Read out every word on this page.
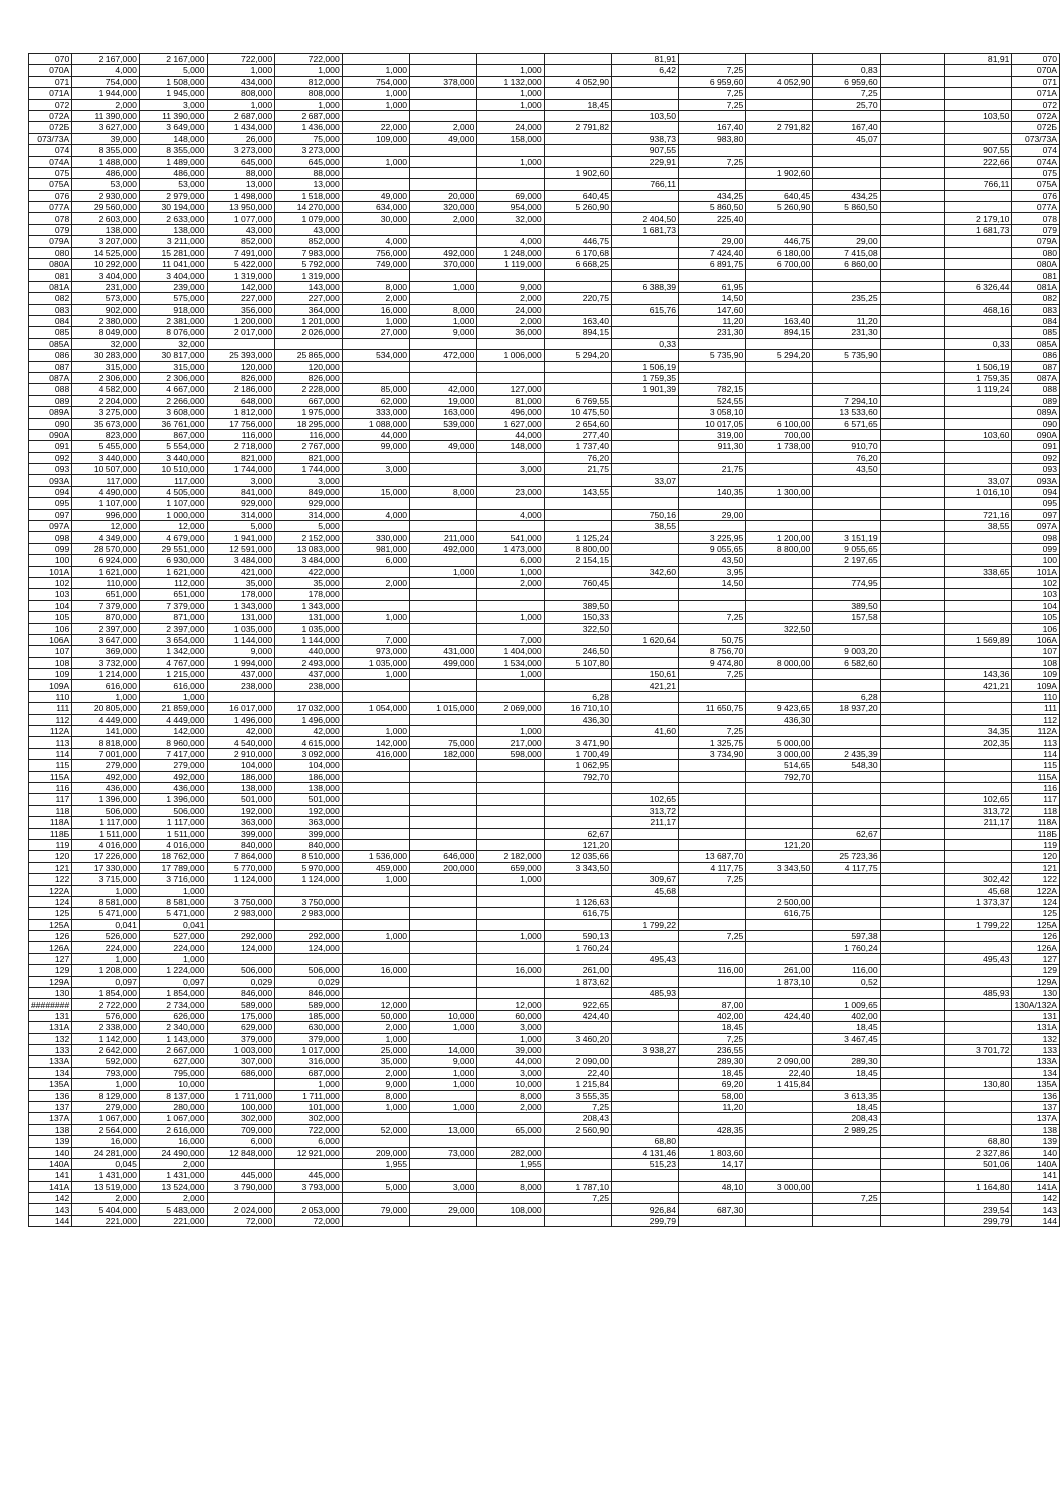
070	2 167,000	2 167,000	722,000	722,000					81,91					81,91	070
070A	4,000	5,000	1,000	1,000	1,000		1,000		6,42	7,25		0,83			070A
071	754,000	1 508,000	434,000	812,000	754,000	378,000	1 132,000	4 052,90		6 959,60	4 052,90	6 959,60			071
071A	1 944,000	1 945,000	808,000	808,000	1,000		1,000			7,25		7,25			071A
072	2,000	3,000	1,000	1,000	1,000		1,000	18,45		7,25		25,70			072
072A	11 390,000	11 390,000	2 687,000	2 687,000					103,50					103,50	072A
072Б	3 627,000	3 649,000	1 434,000	1 436,000	22,000	2,000	24,000	2 791,82		167,40	2 791,82	167,40			072Б
073/73A	39,000	148,000	26,000	75,000	109,000	49,000	158,000		938,73	983,80		45,07			073/73A
074	8 355,000	8 355,000	3 273,000	3 273,000					907,55					907,55	074
074A	1 488,000	1 489,000	645,000	645,000	1,000		1,000		229,91	7,25				222,66	074A
075	486,000	486,000	88,000	88,000				1 902,60			1 902,60				075
075A	53,000	53,000	13,000	13,000					766,11					766,11	075A
076	2 930,000	2 979,000	1 498,000	1 518,000	49,000	20,000	69,000	640,45		434,25	640,45	434,25			076
077A	29 560,000	30 194,000	13 950,000	14 270,000	634,000	320,000	954,000	5 260,90		5 860,50	5 260,90	5 860,50			077A
078	2 603,000	2 633,000	1 077,000	1 079,000	30,000	2,000	32,000		2 404,50	225,40				2 179,10	078
079	138,000	138,000	43,000	43,000					1 681,73					1 681,73	079
079A	3 207,000	3 211,000	852,000	852,000	4,000		4,000	446,75		29,00	446,75	29,00			079A
080	14 525,000	15 281,000	7 491,000	7 983,000	756,000	492,000	1 248,000	6 170,68		7 424,40	6 180,00	7 415,08			080
080A	10 292,000	11 041,000	5 422,000	5 792,000	749,000	370,000	1 119,000	6 668,25		6 891,75	6 700,00	6 860,00			080A
081	3 404,000	3 404,000	1 319,000	1 319,000											081
081A	231,000	239,000	142,000	143,000	8,000	1,000	9,000		6 388,39	61,95				6 326,44	081A
082	573,000	575,000	227,000	227,000	2,000		2,000	220,75		14,50		235,25			082
083	902,000	918,000	356,000	364,000	16,000	8,000	24,000		615,76	147,60				468,16	083
084	2 380,000	2 381,000	1 200,000	1 201,000	1,000	1,000	2,000	163,40		11,20	163,40	11,20			084
085	8 049,000	8 076,000	2 017,000	2 026,000	27,000	9,000	36,000	894,15		231,30	894,15	231,30			085
085A	32,000	32,000							0,33					0,33	085A
086	30 283,000	30 817,000	25 393,000	25 865,000	534,000	472,000	1 006,000	5 294,20		5 735,90	5 294,20	5 735,90			086
087	315,000	315,000	120,000	120,000					1 506,19					1 506,19	087
087A	2 306,000	2 306,000	826,000	826,000					1 759,35					1 759,35	087A
088	4 582,000	4 667,000	2 186,000	2 228,000	85,000	42,000	127,000		1 901,39	782,15				1 119,24	088
089	2 204,000	2 266,000	648,000	667,000	62,000	19,000	81,000	6 769,55		524,55		7 294,10			089
089A	3 275,000	3 608,000	1 812,000	1 975,000	333,000	163,000	496,000	10 475,50		3 058,10		13 533,60			089A
090	35 673,000	36 761,000	17 756,000	18 295,000	1 088,000	539,000	1 627,000	2 654,60		10 017,05	6 100,00	6 571,65			090
090A	823,000	867,000	116,000	116,000	44,000		44,000	277,40		319,00	700,00			103,60	090A
091	5 455,000	5 554,000	2 718,000	2 767,000	99,000	49,000	148,000	1 737,40		911,30	1 738,00	910,70			091
092	3 440,000	3 440,000	821,000	821,000				76,20				76,20			092
093	10 507,000	10 510,000	1 744,000	1 744,000	3,000		3,000	21,75		21,75		43,50			093
093A	117,000	117,000	3,000	3,000					33,07					33,07	093A
094	4 490,000	4 505,000	841,000	849,000	15,000	8,000	23,000	143,55		140,35	1 300,00			1 016,10	094
095	1 107,000	1 107,000	929,000	929,000											095
097	996,000	1 000,000	314,000	314,000	4,000		4,000		750,16	29,00				721,16	097
097A	12,000	12,000	5,000	5,000					38,55					38,55	097A
098	4 349,000	4 679,000	1 941,000	2 152,000	330,000	211,000	541,000	1 125,24		3 225,95	1 200,00	3 151,19			098
099	28 570,000	29 551,000	12 591,000	13 083,000	981,000	492,000	1 473,000	8 800,00		9 055,65	8 800,00	9 055,65			099
100	6 924,000	6 930,000	3 484,000	3 484,000	6,000		6,000	2 154,15		43,50		2 197,65			100
101A	1 621,000	1 621,000	421,000	422,000		1,000	1,000		342,60	3,95				338,65	101A
102	110,000	112,000	35,000	35,000	2,000		2,000	760,45		14,50		774,95			102
103	651,000	651,000	178,000	178,000											103
104	7 379,000	7 379,000	1 343,000	1 343,000				389,50				389,50			104
105	870,000	871,000	131,000	131,000	1,000		1,000	150,33		7,25		157,58			105
106	2 397,000	2 397,000	1 035,000	1 035,000				322,50			322,50				106
106A	3 647,000	3 654,000	1 144,000	1 144,000	7,000		7,000		1 620,64	50,75				1 569,89	106A
107	369,000	1 342,000	9,000	440,000	973,000	431,000	1 404,000	246,50		8 756,70		9 003,20			107
108	3 732,000	4 767,000	1 994,000	2 493,000	1 035,000	499,000	1 534,000	5 107,80		9 474,80	8 000,00	6 582,60			108
109	1 214,000	1 215,000	437,000	437,000	1,000		1,000		150,61	7,25				143,36	109
109A	616,000	616,000	238,000	238,000					421,21					421,21	109A
110	1,000	1,000						6,28				6,28			110
111	20 805,000	21 859,000	16 017,000	17 032,000	1 054,000	1 015,000	2 069,000	16 710,10		11 650,75	9 423,65	18 937,20			111
112	4 449,000	4 449,000	1 496,000	1 496,000				436,30			436,30				112
112A	141,000	142,000	42,000	42,000	1,000		1,000		41,60	7,25				34,35	112A
113	8 818,000	8 960,000	4 540,000	4 615,000	142,000	75,000	217,000	3 471,90		1 325,75	5 000,00			202,35	113
114	7 001,000	7 417,000	2 910,000	3 092,000	416,000	182,000	598,000	1 700,49		3 734,90	3 000,00	2 435,39			114
115	279,000	279,000	104,000	104,000				1 062,95			514,65	548,30			115
115A	492,000	492,000	186,000	186,000				792,70			792,70				115A
116	436,000	436,000	138,000	138,000											116
117	1 396,000	1 396,000	501,000	501,000					102,65					102,65	117
118	506,000	506,000	192,000	192,000					313,72					313,72	118
118A	1 117,000	1 117,000	363,000	363,000					211,17					211,17	118A
118Б	1 511,000	1 511,000	399,000	399,000				62,67				62,67			118Б
119	4 016,000	4 016,000	840,000	840,000				121,20			121,20				119
120	17 226,000	18 762,000	7 864,000	8 510,000	1 536,000	646,000	2 182,000	12 035,66		13 687,70		25 723,36			120
121	17 330,000	17 789,000	5 770,000	5 970,000	459,000	200,000	659,000	3 343,50		4 117,75	3 343,50	4 117,75			121
122	3 715,000	3 716,000	1 124,000	1 124,000	1,000		1,000		309,67	7,25				302,42	122
122A	1,000	1,000							45,68					45,68	122A
124	8 581,000	8 581,000	3 750,000	3 750,000				1 126,63			2 500,00			1 373,37	124
125	5 471,000	5 471,000	2 983,000	2 983,000				616,75			616,75				125
125A	0,041	0,041							1 799,22					1 799,22	125A
126	526,000	527,000	292,000	292,000	1,000		1,000	590,13		7,25		597,38			126
126A	224,000	224,000	124,000	124,000				1 760,24				1 760,24			126A
127	1,000	1,000							495,43					495,43	127
129	1 208,000	1 224,000	506,000	506,000	16,000		16,000	261,00		116,00	261,00	116,00			129
129A	0,097	0,097	0,029	0,029				1 873,62			1 873,10	0,52			129A
130	1 854,000	1 854,000	846,000	846,000					485,93					485,93	130
########	2 722,000	2 734,000	589,000	589,000	12,000		12,000	922,65		87,00		1 009,65			130A/132A
131	576,000	626,000	175,000	185,000	50,000	10,000	60,000	424,40		402,00	424,40	402,00			131
131A	2 338,000	2 340,000	629,000	630,000	2,000	1,000	3,000			18,45		18,45			131A
132	1 142,000	1 143,000	379,000	379,000	1,000		1,000	3 460,20		7,25		3 467,45			132
133	2 642,000	2 667,000	1 003,000	1 017,000	25,000	14,000	39,000		3 938,27	236,55				3 701,72	133
133A	592,000	627,000	307,000	316,000	35,000	9,000	44,000	2 090,00		289,30	2 090,00	289,30			133A
134	793,000	795,000	686,000	687,000	2,000	1,000	3,000	22,40		18,45	22,40	18,45			134
135A	1,000	10,000		1,000	9,000	1,000	10,000	1 215,84		69,20	1 415,84			130,80	135A
136	8 129,000	8 137,000	1 711,000	1 711,000	8,000		8,000	3 555,35		58,00		3 613,35			136
137	279,000	280,000	100,000	101,000	1,000	1,000	2,000	7,25		11,20		18,45			137
137A	1 067,000	1 067,000	302,000	302,000				208,43				208,43			137A
138	2 564,000	2 616,000	709,000	722,000	52,000	13,000	65,000	2 560,90		428,35		2 989,25			138
139	16,000	16,000	6,000	6,000					68,80					68,80	139
140	24 281,000	24 490,000	12 848,000	12 921,000	209,000	73,000	282,000		4 131,46	1 803,60				2 327,86	140
140A	0,045	2,000			1,955		1,955		515,23	14,17				501,06	140A
141	1 431,000	1 431,000	445,000	445,000											141
141A	13 519,000	13 524,000	3 790,000	3 793,000	5,000	3,000	8,000	1 787,10		48,10	3 000,00			1 164,80	141A
142	2,000	2,000						7,25				7,25			142
143	5 404,000	5 483,000	2 024,000	2 053,000	79,000	29,000	108,000		926,84	687,30				239,54	143
144	221,000	221,000	72,000	72,000					299,79					299,79	144
